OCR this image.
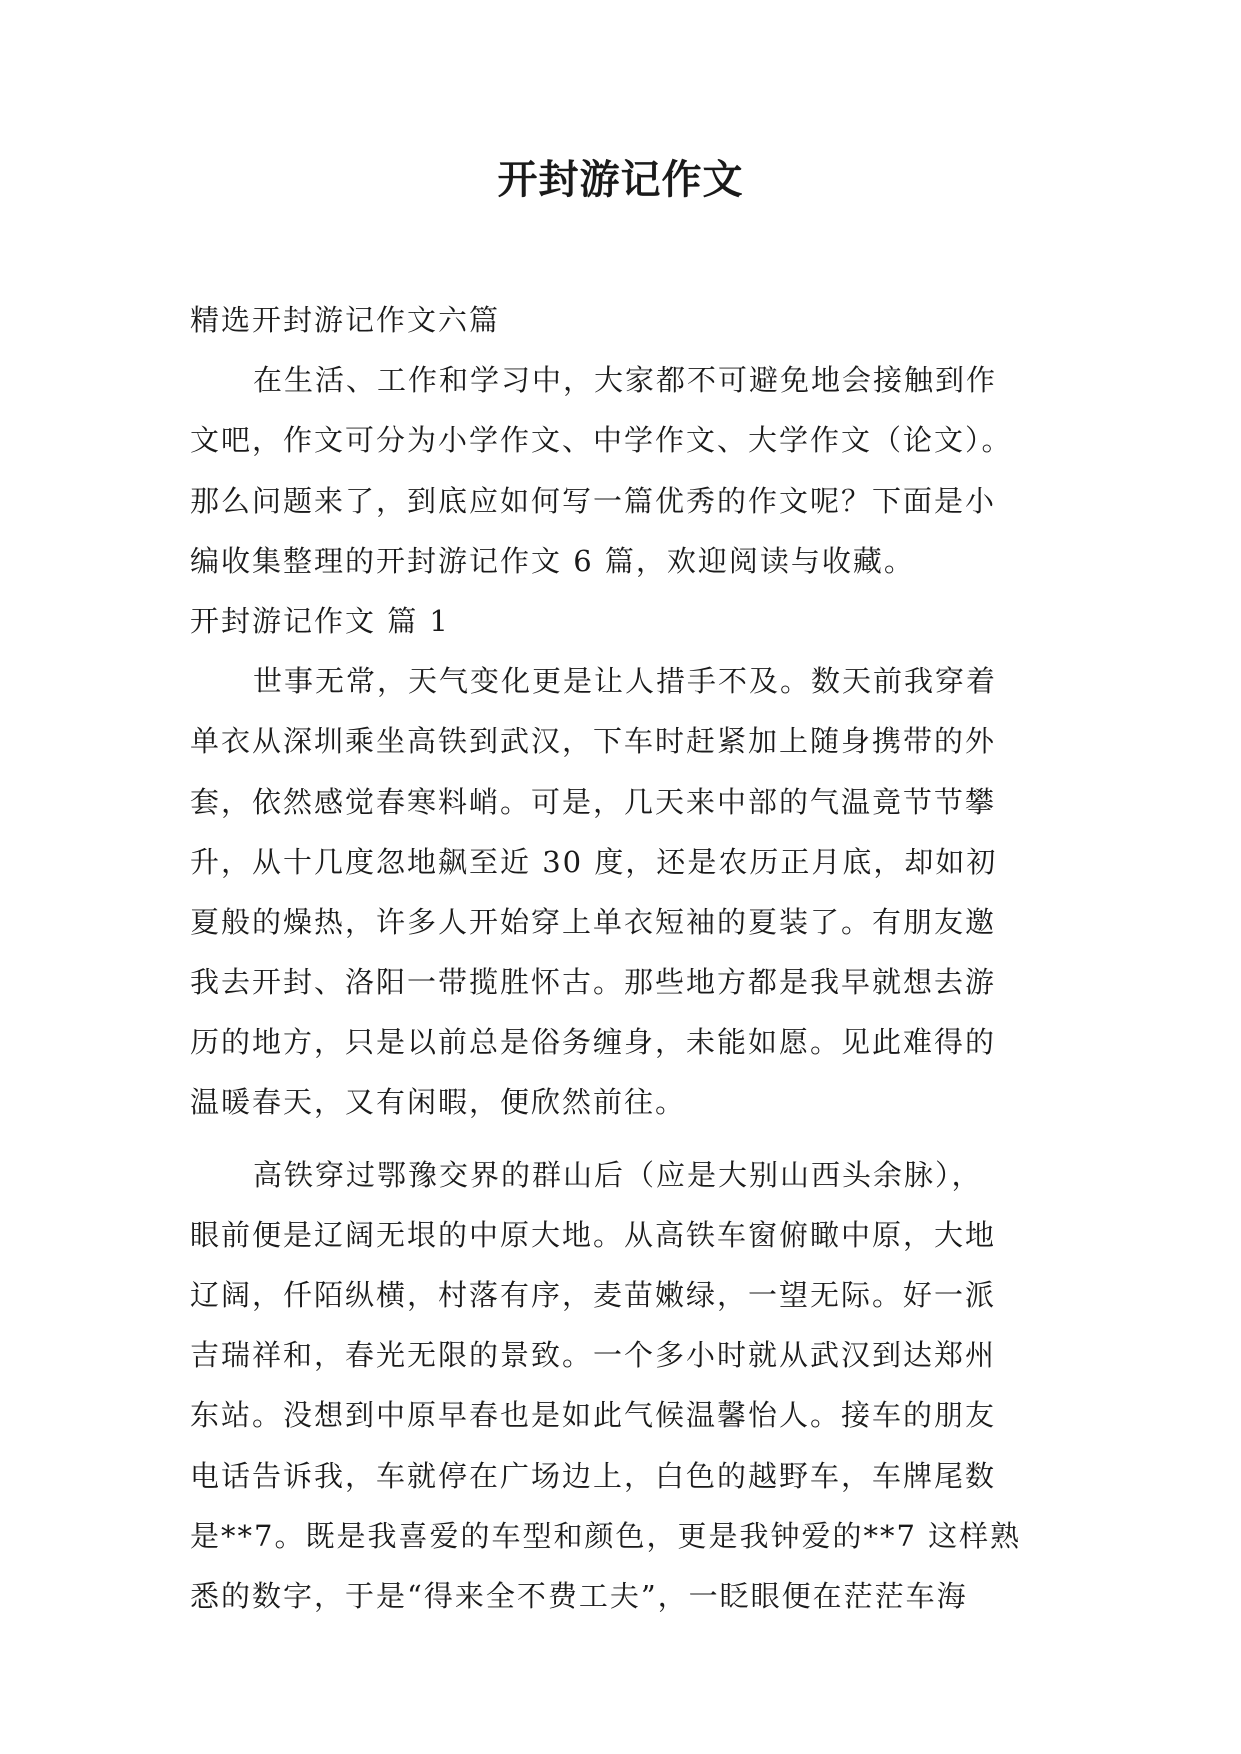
开封游记作文
精选开封游记作文六篇
在生活、工作和学习中，大家都不可避免地会接触到作
文吧，作文可分为小学作文、中学作文、大学作文（论文）。
那么问题来了，到底应如何写一篇优秀的作文呢？下面是小
编收集整理的开封游记作文 6 篇，欢迎阅读与收藏。
开封游记作文 篇 1
世事无常，天气变化更是让人措手不及。数天前我穿着
单衣从深圳乘坐高铁到武汉，下车时赶紧加上随身携带的外
套，依然感觉春寒料峭。可是，几天来中部的气温竟节节攀
升，从十几度忽地飙至近 30 度，还是农历正月底，却如初
夏般的燥热，许多人开始穿上单衣短袖的夏装了。有朋友邀
我去开封、洛阳一带揽胜怀古。那些地方都是我早就想去游
历的地方，只是以前总是俗务缠身，未能如愿。见此难得的
温暖春天，又有闲暇，便欣然前往。
高铁穿过鄂豫交界的群山后（应是大别山西头余脉），
眼前便是辽阔无垠的中原大地。从高铁车窗俯瞰中原，大地
辽阔，仟陌纵横，村落有序，麦苗嫩绿，一望无际。好一派
吉瑞祥和，春光无限的景致。一个多小时就从武汉到达郑州
东站。没想到中原早春也是如此气候温馨怡人。接车的朋友
电话告诉我，车就停在广场边上，白色的越野车，车牌尾数
是**7。既是我喜爱的车型和颜色，更是我钟爱的**7 这样熟
悉的数字，于是“得来全不费工夫”，一眨眼便在茫茫车海
